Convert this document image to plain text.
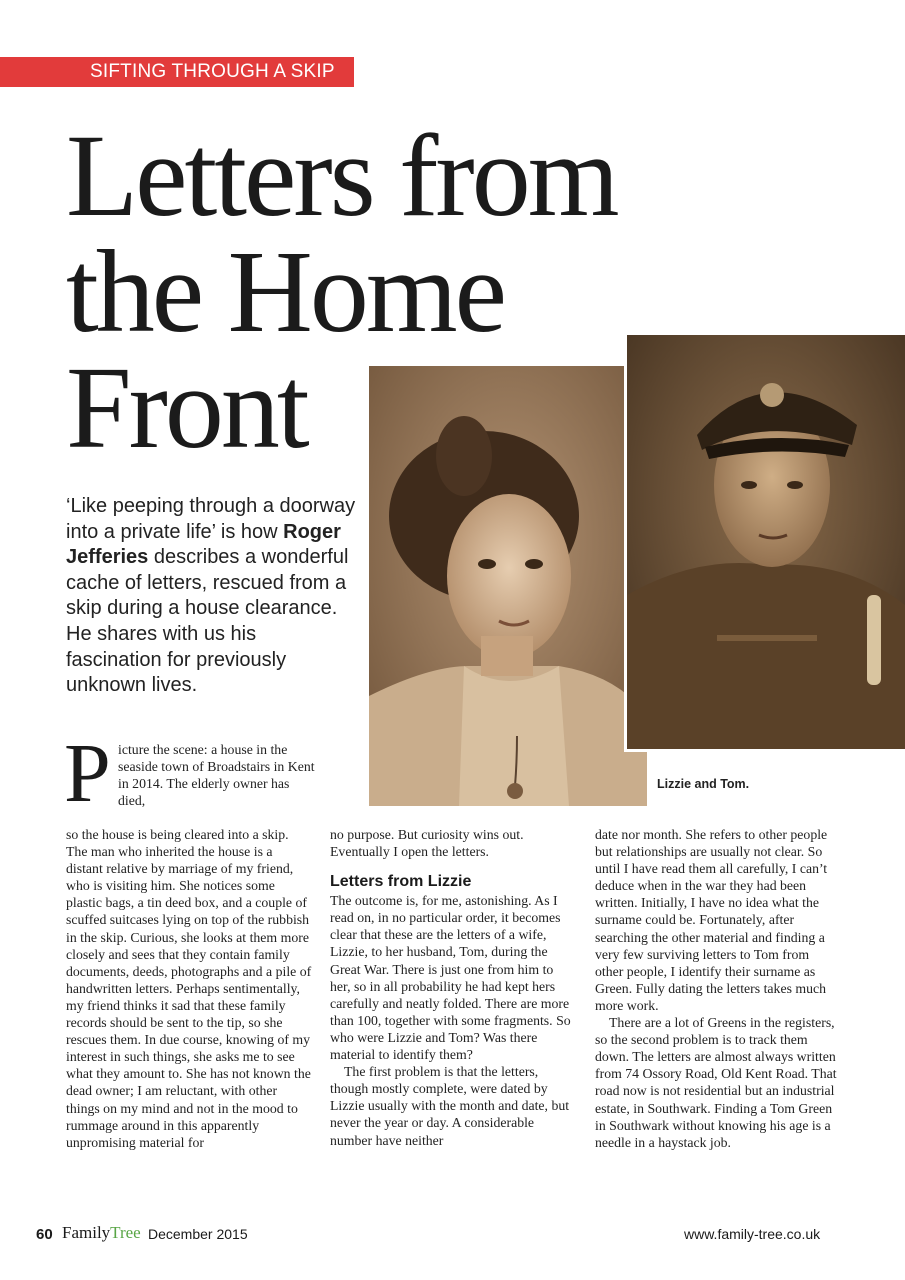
SIFTING THROUGH A SKIP
Letters from
the Home
Front
Lizzie and Tom.
‘Like peeping through a doorway into a private life’ is how Roger Jefferies describes a wonderful cache of letters, rescued from a skip during a house clearance. He shares with us his fascination for previously unknown lives.
P icture the scene: a house in the seaside town of Broadstairs in Kent in 2014. The elderly owner has died,

so the house is being cleared into a skip. The man who inherited the house is a distant relative by marriage of my friend, who is visiting him. She notices some plastic bags, a tin deed box, and a couple of scuffed suitcases lying on top of the rubbish in the skip. Curious, she looks at them more closely and sees that they contain family documents, deeds, photographs and a pile of handwritten letters. Perhaps sentimentally, my friend thinks it sad that these family records should be sent to the tip, so she rescues them. In due course, knowing of my interest in such things, she asks me to see what they amount to. She has not known the dead owner; I am reluctant, with other things on my mind and not in the mood to rummage around in this apparently unpromising material for

no purpose. But curiosity wins out. Eventually I open the letters.

Letters from Lizzie

The outcome is, for me, astonishing. As I read on, in no particular order, it becomes clear that these are the letters of a wife, Lizzie, to her husband, Tom, during the Great War. There is just one from him to her, so in all probability he had kept hers carefully and neatly folded. There are more than 100, together with some fragments. So who were Lizzie and Tom? Was there material to identify them?

The first problem is that the letters, though mostly complete, were dated by Lizzie usually with the month and date, but never the year or day. A considerable number have neither

date nor month. She refers to other people but relationships are usually not clear. So until I have read them all carefully, I can’t deduce when in the war they had been written. Initially, I have no idea what the surname could be. Fortunately, after searching the other material and finding a very few surviving letters to Tom from other people, I identify their surname as Green. Fully dating the letters takes much more work.

There are a lot of Greens in the registers, so the second problem is to track them down. The letters are almost always written from 74 Ossory Road, Old Kent Road. That road now is not residential but an industrial estate, in Southwark. Finding a Tom Green in Southwark without knowing his age is a needle in a haystack job.

60 FamilyTree December 2015	www.family-tree.co.uk
